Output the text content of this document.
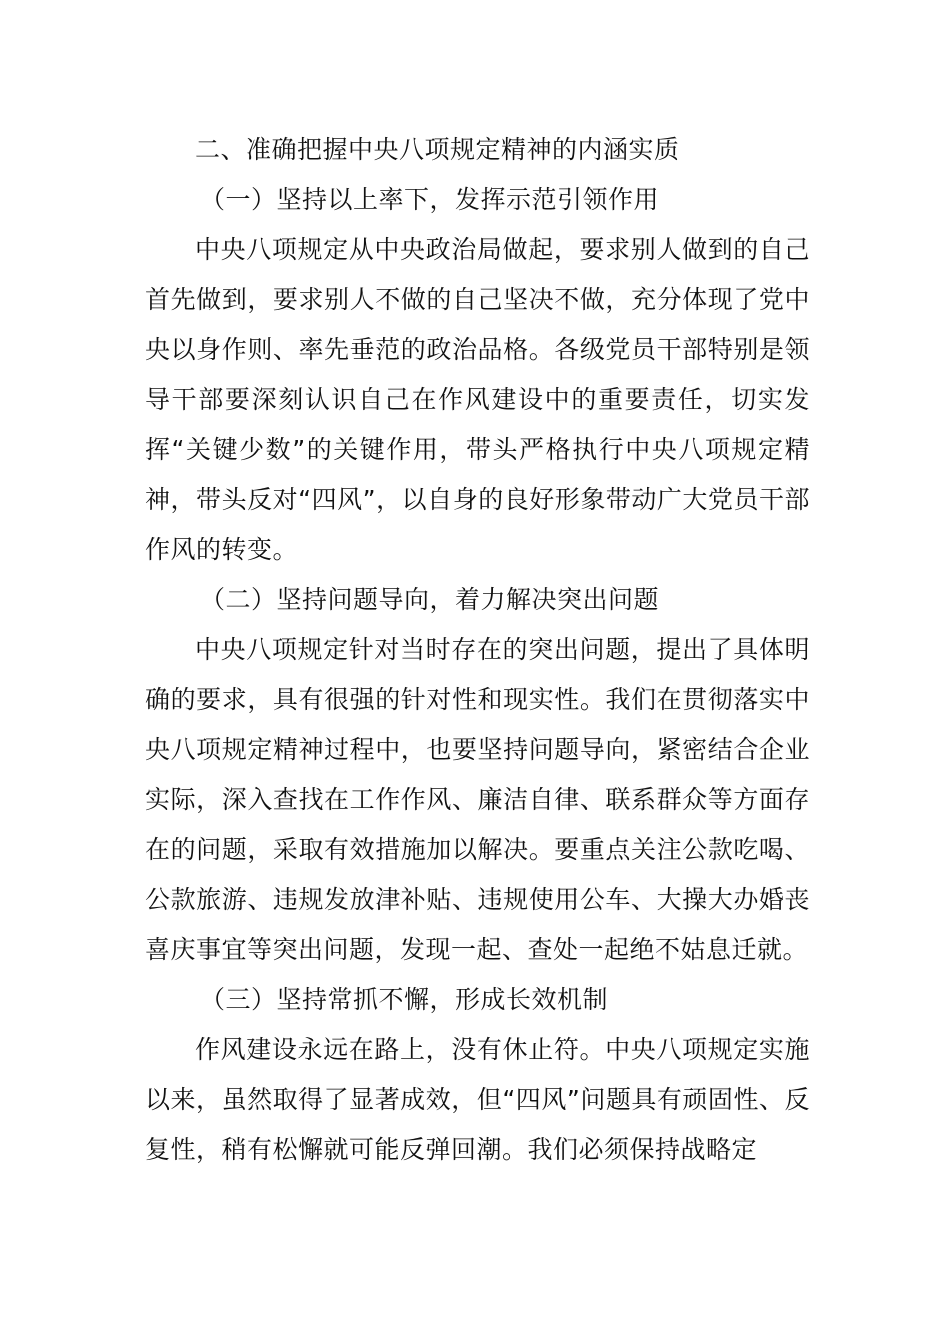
二、准确把握中央八项规定精神的内涵实质

（一）坚持以上率下，发挥示范引领作用

中央八项规定从中央政治局做起，要求别人做到的自己首先做到，要求别人不做的自己坚决不做，充分体现了党中央以身作则、率先垂范的政治品格。各级党员干部特别是领导干部要深刻认识自己在作风建设中的重要责任，切实发挥“关键少数”的关键作用，带头严格执行中央八项规定精神，带头反对“四风”，以自身的良好形象带动广大党员干部作风的转变。

（二）坚持问题导向，着力解决突出问题

中央八项规定针对当时存在的突出问题，提出了具体明确的要求，具有很强的针对性和现实性。我们在贯彻落实中央八项规定精神过程中，也要坚持问题导向，紧密结合企业实际，深入查找在工作作风、廉洁自律、联系群众等方面存在的问题，采取有效措施加以解决。要重点关注公款吃喝、公款旅游、违规发放津补贴、违规使用公车、大操大办婚丧喜庆事宜等突出问题，发现一起、查处一起绝不姑息迁就。

（三）坚持常抓不懈，形成长效机制

作风建设永远在路上，没有休止符。中央八项规定实施以来，虽然取得了显著成效，但“四风”问题具有顽固性、反复性，稍有松懈就可能反弹回潮。我们必须保持战略定
